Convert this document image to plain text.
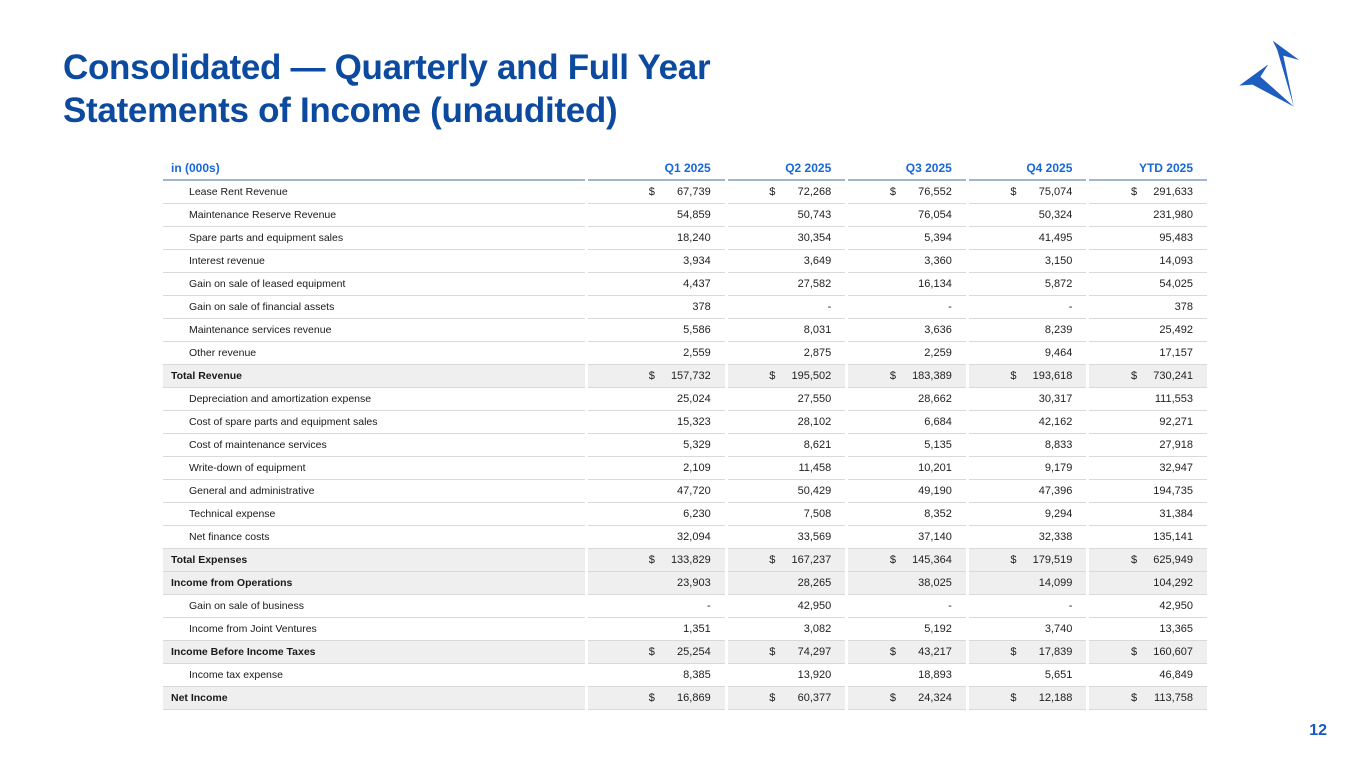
Consolidated — Quarterly and Full Year
Statements of Income (unaudited)
in (000s)	Q1 2025	Q2 2025	Q3 2025	Q4 2025	YTD 2025
Lease Rent Revenue	$ 67,739	$ 72,268	$ 76,552	$ 75,074	$ 291,633

Maintenance Reserve Revenue	54,859	50,743	76,054	50,324	231,980
Spare parts and equipment sales	18,240	30,354	5,394	41,495	95,483
Interest revenue	3,934	3,649	3,360	3,150	14,093
Gain on sale of leased equipment	4,437	27,582	16,134	5,872	54,025
Gain on sale of financial assets	378	-	-	-	378
Maintenance services revenue	5,586	8,031	3,636	8,239	25,492
Other revenue	2,559	2,875	2,259	9,464	17,157
Total Revenue	$ 157,732	$ 195,502	$ 183,389	$ 193,618	$ 730,241

Depreciation and amortization expense	25,024	27,550	28,662	30,317	111,553
Cost of spare parts and equipment sales	15,323	28,102	6,684	42,162	92,271
Cost of maintenance services	5,329	8,621	5,135	8,833	27,918
Write-down of equipment	2,109	11,458	10,201	9,179	32,947
General and administrative	47,720	50,429	49,190	47,396	194,735
Technical expense	6,230	7,508	8,352	9,294	31,384
Net finance costs	32,094	33,569	37,140	32,338	135,141
Total Expenses	$ 133,829	$ 167,237	$ 145,364	$ 179,519	$ 625,949

Income from Operations	23,903	28,265	38,025	14,099	104,292
Gain on sale of business	-	42,950	-	-	42,950
Income from Joint Ventures	1,351	3,082	5,192	3,740	13,365
Income Before Income Taxes	$ 25,254	$ 74,297	$ 43,217	$ 17,839	$ 160,607

Income tax expense	8,385	13,920	18,893	5,651	46,849
Net Income	$ 16,869	$ 60,377	$ 24,324	$ 12,188	$ 113,758
12
